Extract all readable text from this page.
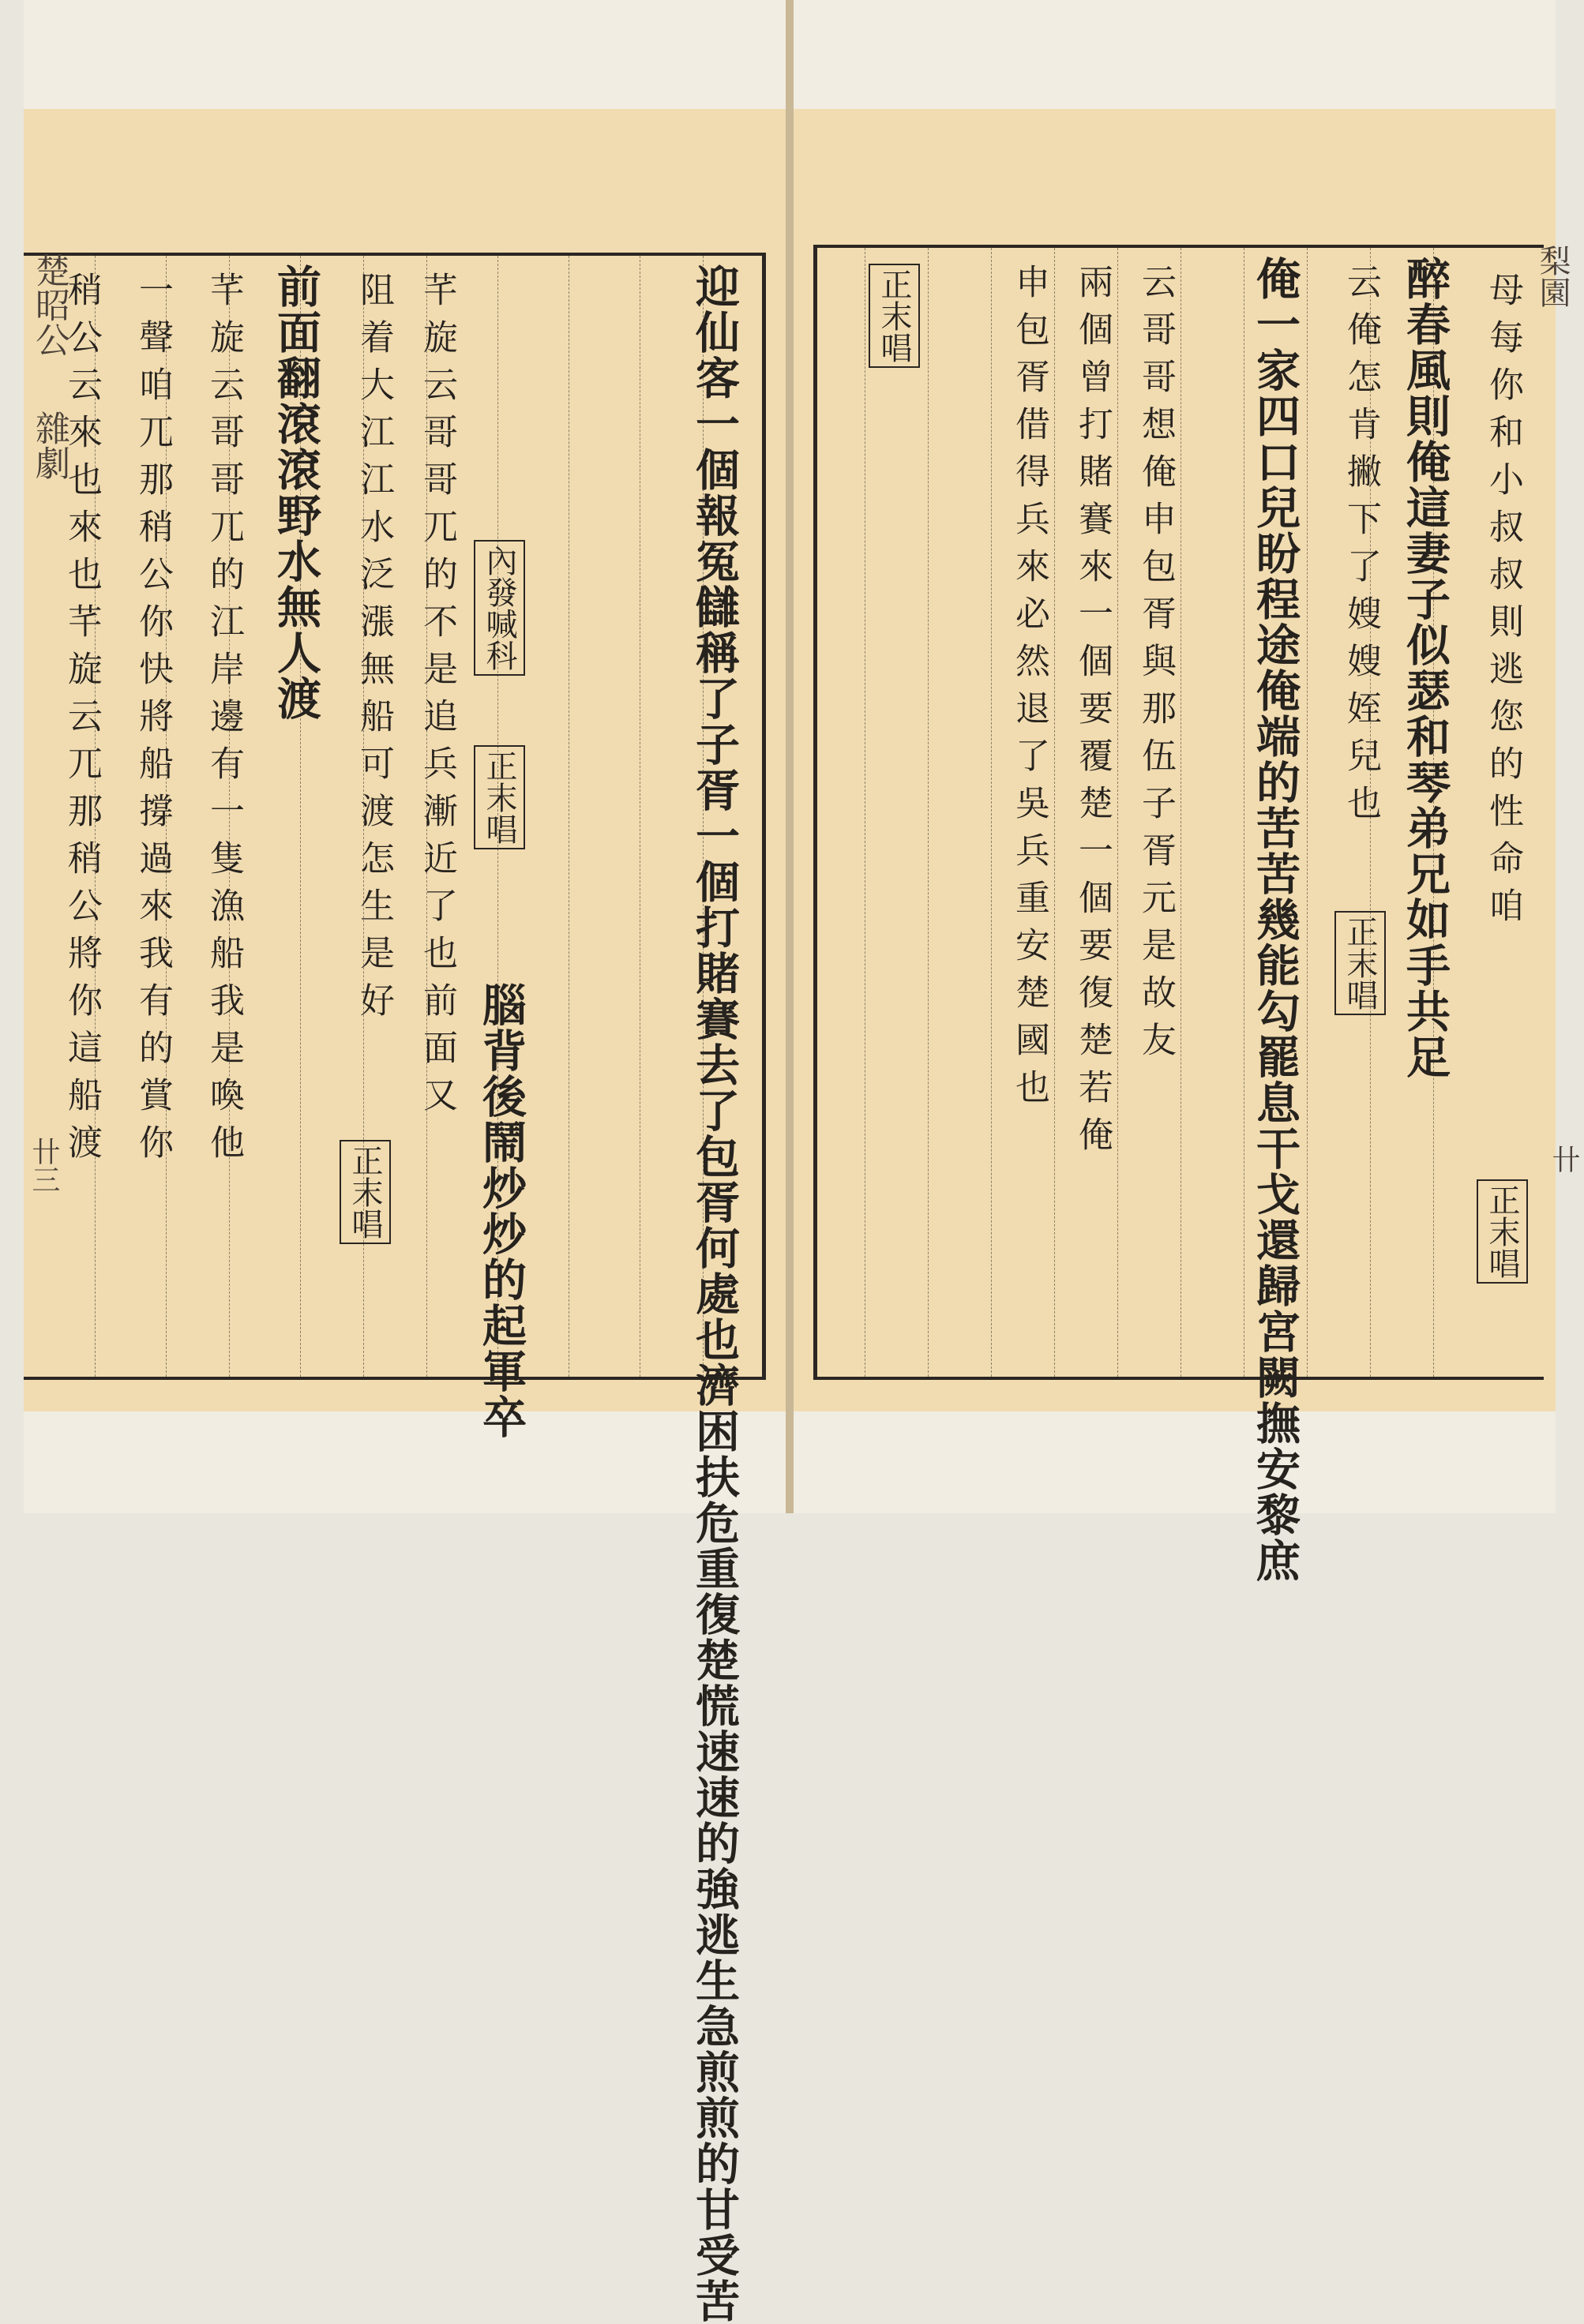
母每你和小叔叔則逃您的性命咱
正末唱
醉春風則俺這妻子似瑟和琴弟兄如手共足
云俺怎肯撇下了嫂嫂姪兒也
正末唱
俺一家四口兒盼程途俺端的苦苦幾能勾罷息干戈還歸宮闕撫安黎庶
云哥哥想俺申包胥與那伍子胥元是故友
兩個曾打賭賽來一個要覆楚一個要復楚若俺
申包胥借得兵來必然退了吳兵重安楚國也
正末唱	梨園
迎仙客一個報冤讎稱了子胥一個打賭賽去了包胥何處也濟困扶危重復楚慌速速的強逃生急煎煎的甘受苦
內發喊科
正末唱
腦背後鬧炒炒的起軍卒
芊旋云哥哥兀的不是追兵漸近了也前面又
阻着大江江水泛漲無船可渡怎生是好
正末唱
前面翻滾滾野水無人渡
芊旋云哥哥兀的江岸邊有一隻漁船我是喚他
一聲咱兀那稍公你快將船撐過來我有的賞你
稍公云來也來也芊旋云兀那稍公將你這船渡
楚昭公
雜劇
卄三	卄
